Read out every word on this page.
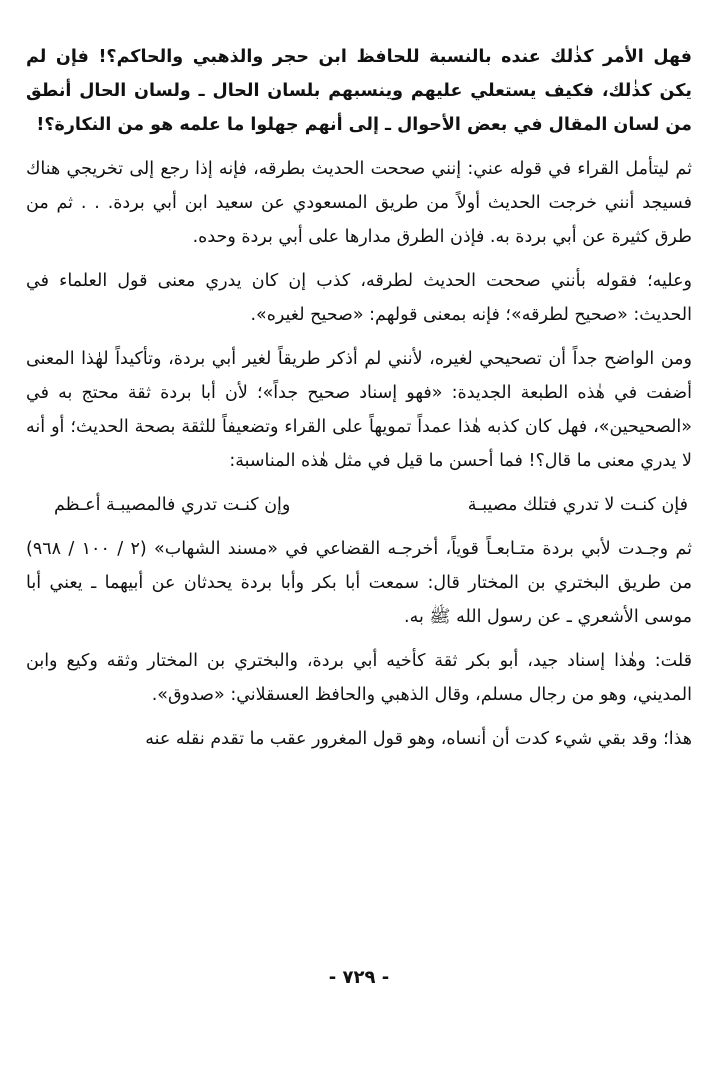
فهل الأمر كذٰلك عنده بالنسبة للحافظ ابن حجر والذهبي والحاكم؟! فإن لم يكن كذٰلك، فكيف يستعلي عليهم وينسبهم بلسان الحال ـ ولسان الحال أنطق من لسان المقال في بعض الأحوال ـ إلى أنهم جهلوا ما علمه هو من النكارة؟!

ثم ليتأمل القراء في قوله عني: إنني صححت الحديث بطرقه، فإنه إذا رجع إلى تخريجي هناك فسيجد أنني خرجت الحديث أولاً من طريق المسعودي عن سعيد ابن أبي بردة. . . ثم من طرق كثيرة عن أبي بردة به. فإذن الطرق مدارها على أبي بردة وحده.

وعليه؛ فقوله بأنني صححت الحديث لطرقه، كذب إن كان يدري معنى قول العلماء في الحديث: «صحيح لطرقه»؛ فإنه بمعنى قولهم: «صحيح لغيره».

ومن الواضح جداً أن تصحيحي لغيره، لأنني لم أذكر طريقاً لغير أبي بردة، وتأكيداً لهٰذا المعنى أضفت في هٰذه الطبعة الجديدة: «فهو إسناد صحيح جداً»؛ لأن أبا بردة ثقة محتج به في «الصحيحين»، فهل كان كذبه هٰذا عمداً تمويهاً على القراء وتضعيفاً للثقة بصحة الحديث؛ أو أنه لا يدري معنى ما قال؟! فما أحسن ما قيل في مثل هٰذه المناسبة:

فإن كنـت لا تدري فتلك مصيبـة
وإن كنـت تدري فالمصيبـة أعـظم

ثم وجـدت لأبي بردة متـابعـاً قوياً، أخرجـه القضاعي في «مسند الشهاب» (٢ / ١٠٠ / ٩٦٨) من طريق البختري بن المختار قال: سمعت أبا بكر وأبا بردة يحدثان عن أبيهما ـ يعني أبا موسى الأشعري ـ عن رسول الله ﷺ به.

قلت: وهٰذا إسناد جيد، أبو بكر ثقة كأخيه أبي بردة، والبختري بن المختار وثقه وكيع وابن المديني، وهو من رجال مسلم، وقال الذهبي والحافظ العسقلاني: «صدوق».

هذا؛ وقد بقي شيء كدت أن أنساه، وهو قول المغرور عقب ما تقدم نقله عنه

- ٧٢٩ -
